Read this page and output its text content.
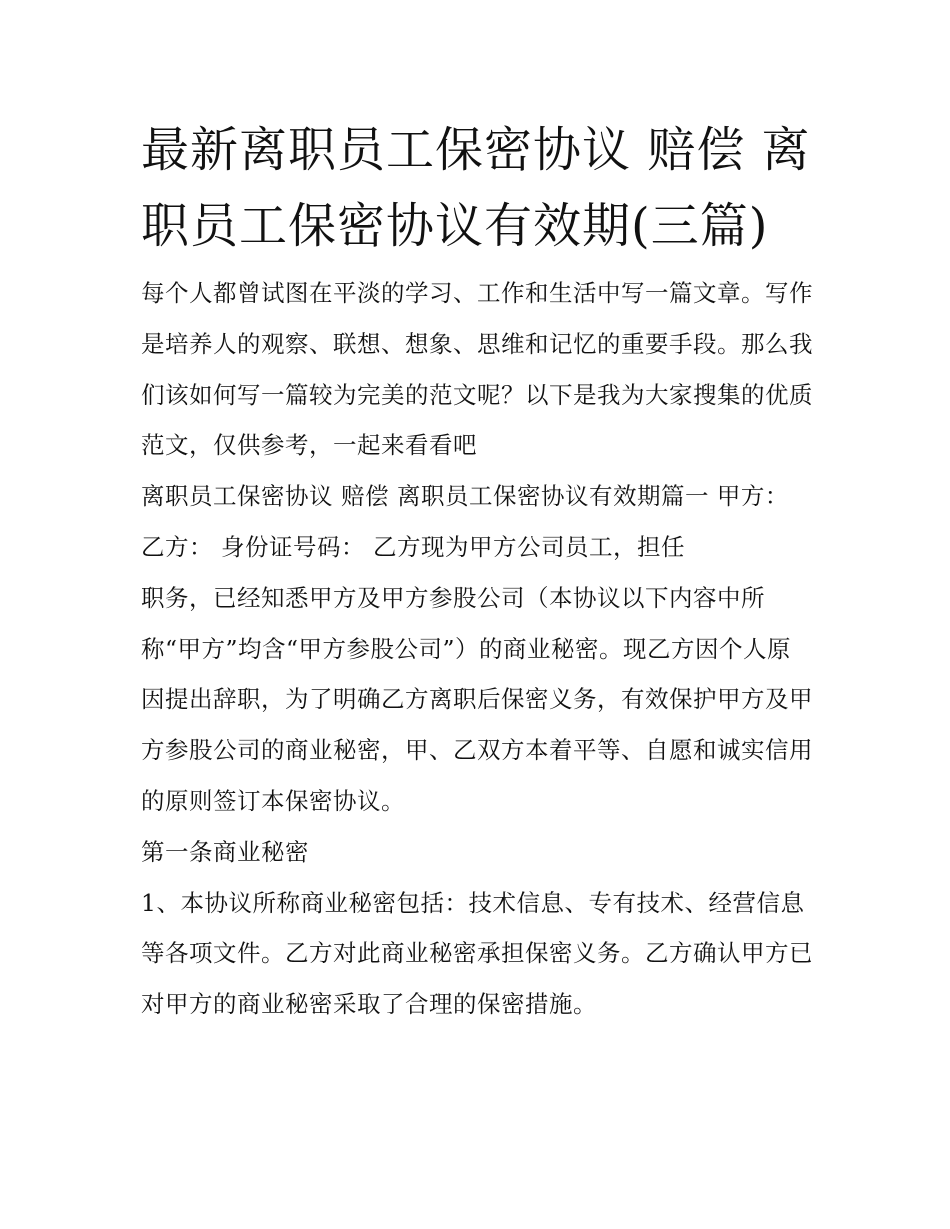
最新离职员工保密协议 赔偿 离职员工保密协议有效期(三篇)

每个人都曾试图在平淡的学习、工作和生活中写一篇文章。写作是培养人的观察、联想、想象、思维和记忆的重要手段。那么我们该如何写一篇较为完美的范文呢？以下是我为大家搜集的优质范文，仅供参考，一起来看看吧

离职员工保密协议 赔偿 离职员工保密协议有效期篇一 甲方：

乙方： 身份证号码： 乙方现为甲方公司员工，担任

职务，已经知悉甲方及甲方参股公司（本协议以下内容中所称“甲方”均含“甲方参股公司”）的商业秘密。现乙方因个人原因提出辞职，为了明确乙方离职后保密义务，有效保护甲方及甲方参股公司的商业秘密，甲、乙双方本着平等、自愿和诚实信用的原则签订本保密协议。

第一条商业秘密

1、本协议所称商业秘密包括：技术信息、专有技术、经营信息等各项文件。乙方对此商业秘密承担保密义务。乙方确认甲方已对甲方的商业秘密采取了合理的保密措施。
